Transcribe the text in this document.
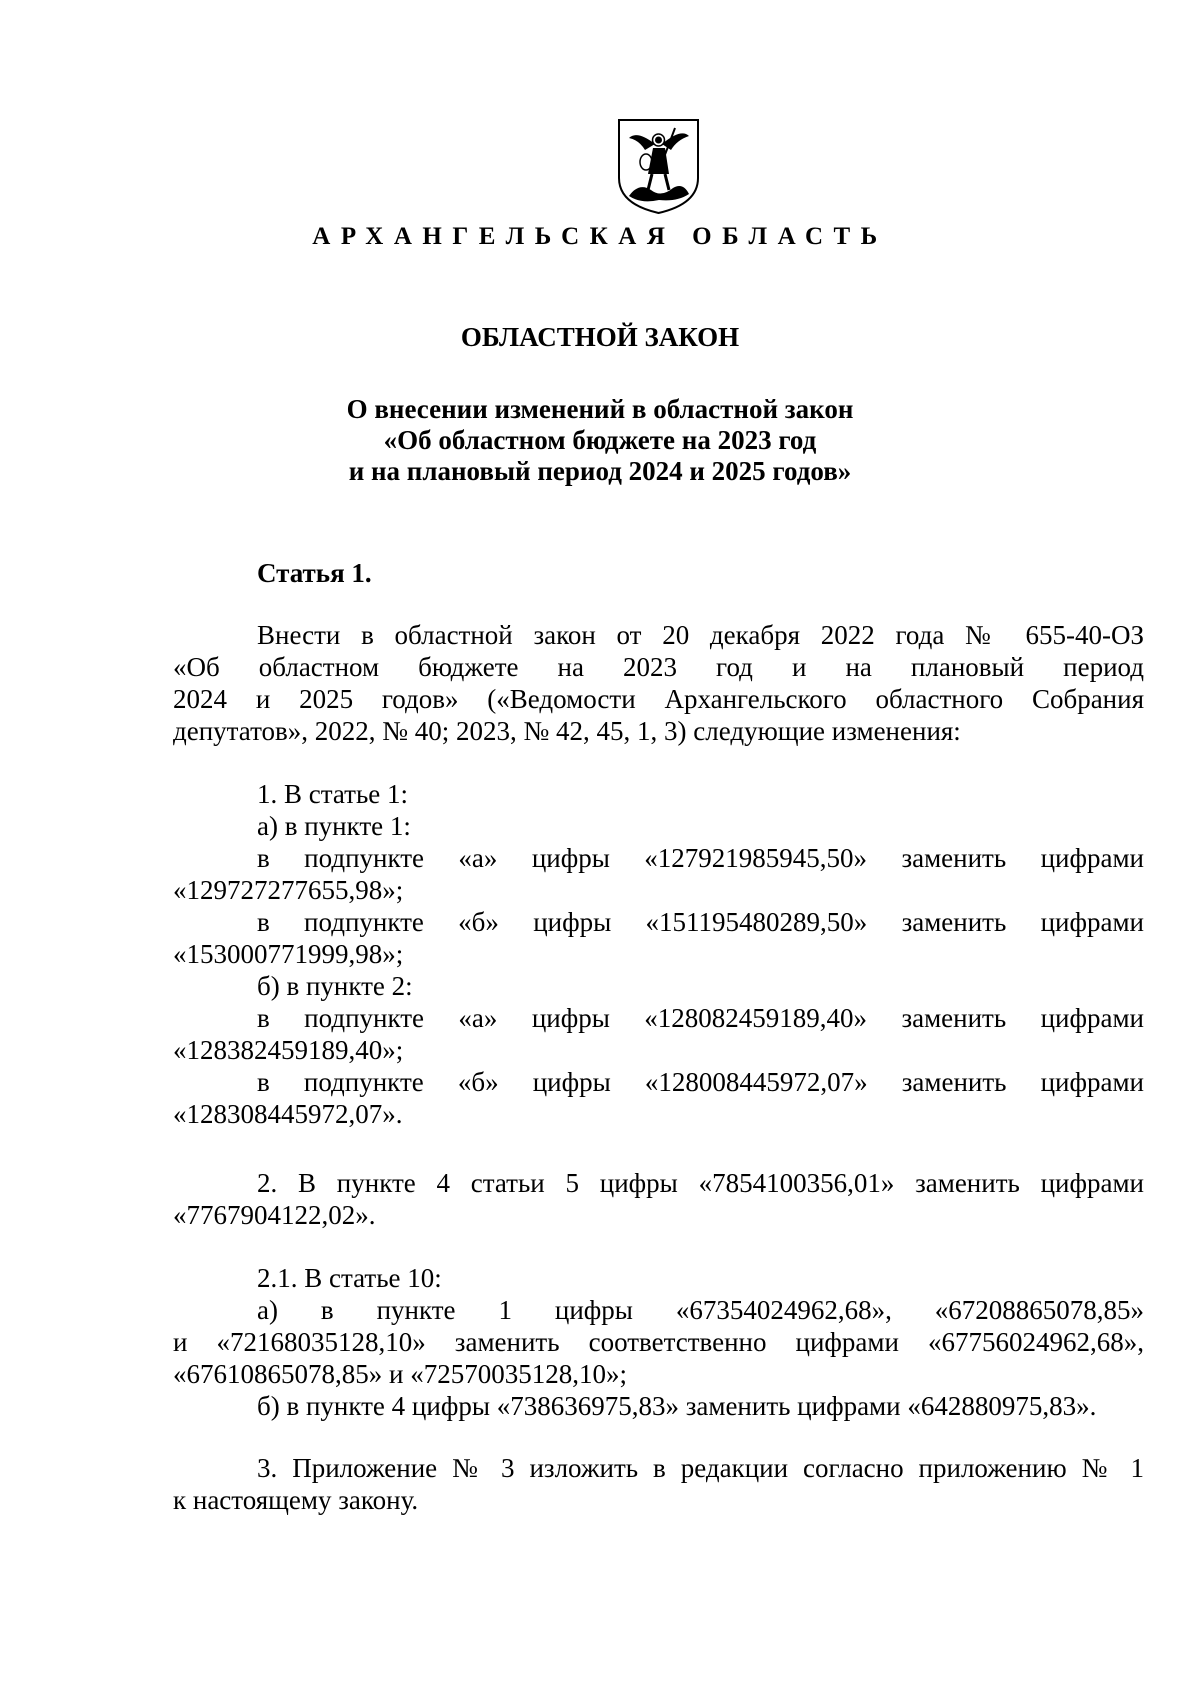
АРХАНГЕЛЬСКАЯ ОБЛАСТЬ
ОБЛАСТНОЙ ЗАКОН
О внесении изменений в областной закон
«Об областном бюджете на 2023 год
и на плановый период 2024 и 2025 годов»
Статья 1.
Внести в областной закон от 20 декабря 2022 года № 655-40-ОЗ
«Об областном бюджете на 2023 год и на плановый период
2024 и 2025 годов» («Ведомости Архангельского областного Собрания
депутатов», 2022, № 40; 2023, № 42, 45, 1, 3) следующие изменения:
1. В статье 1:
а) в пункте 1:
в подпункте «а» цифры «127921985945,50» заменить цифрами
«129727277655,98»;
в подпункте «б» цифры «151195480289,50» заменить цифрами
«153000771999,98»;
б) в пункте 2:
в подпункте «а» цифры «128082459189,40» заменить цифрами
«128382459189,40»;
в подпункте «б» цифры «128008445972,07» заменить цифрами
«128308445972,07».
2. В пункте 4 статьи 5 цифры «7854100356,01» заменить цифрами
«7767904122,02».
2.1. В статье 10:
а) в пункте 1 цифры «67354024962,68», «67208865078,85»
и «72168035128,10» заменить соответственно цифрами «67756024962,68»,
«67610865078,85» и «72570035128,10»;
б) в пункте 4 цифры «738636975,83» заменить цифрами «642880975,83».
3. Приложение № 3 изложить в редакции согласно приложению № 1
к настоящему закону.
